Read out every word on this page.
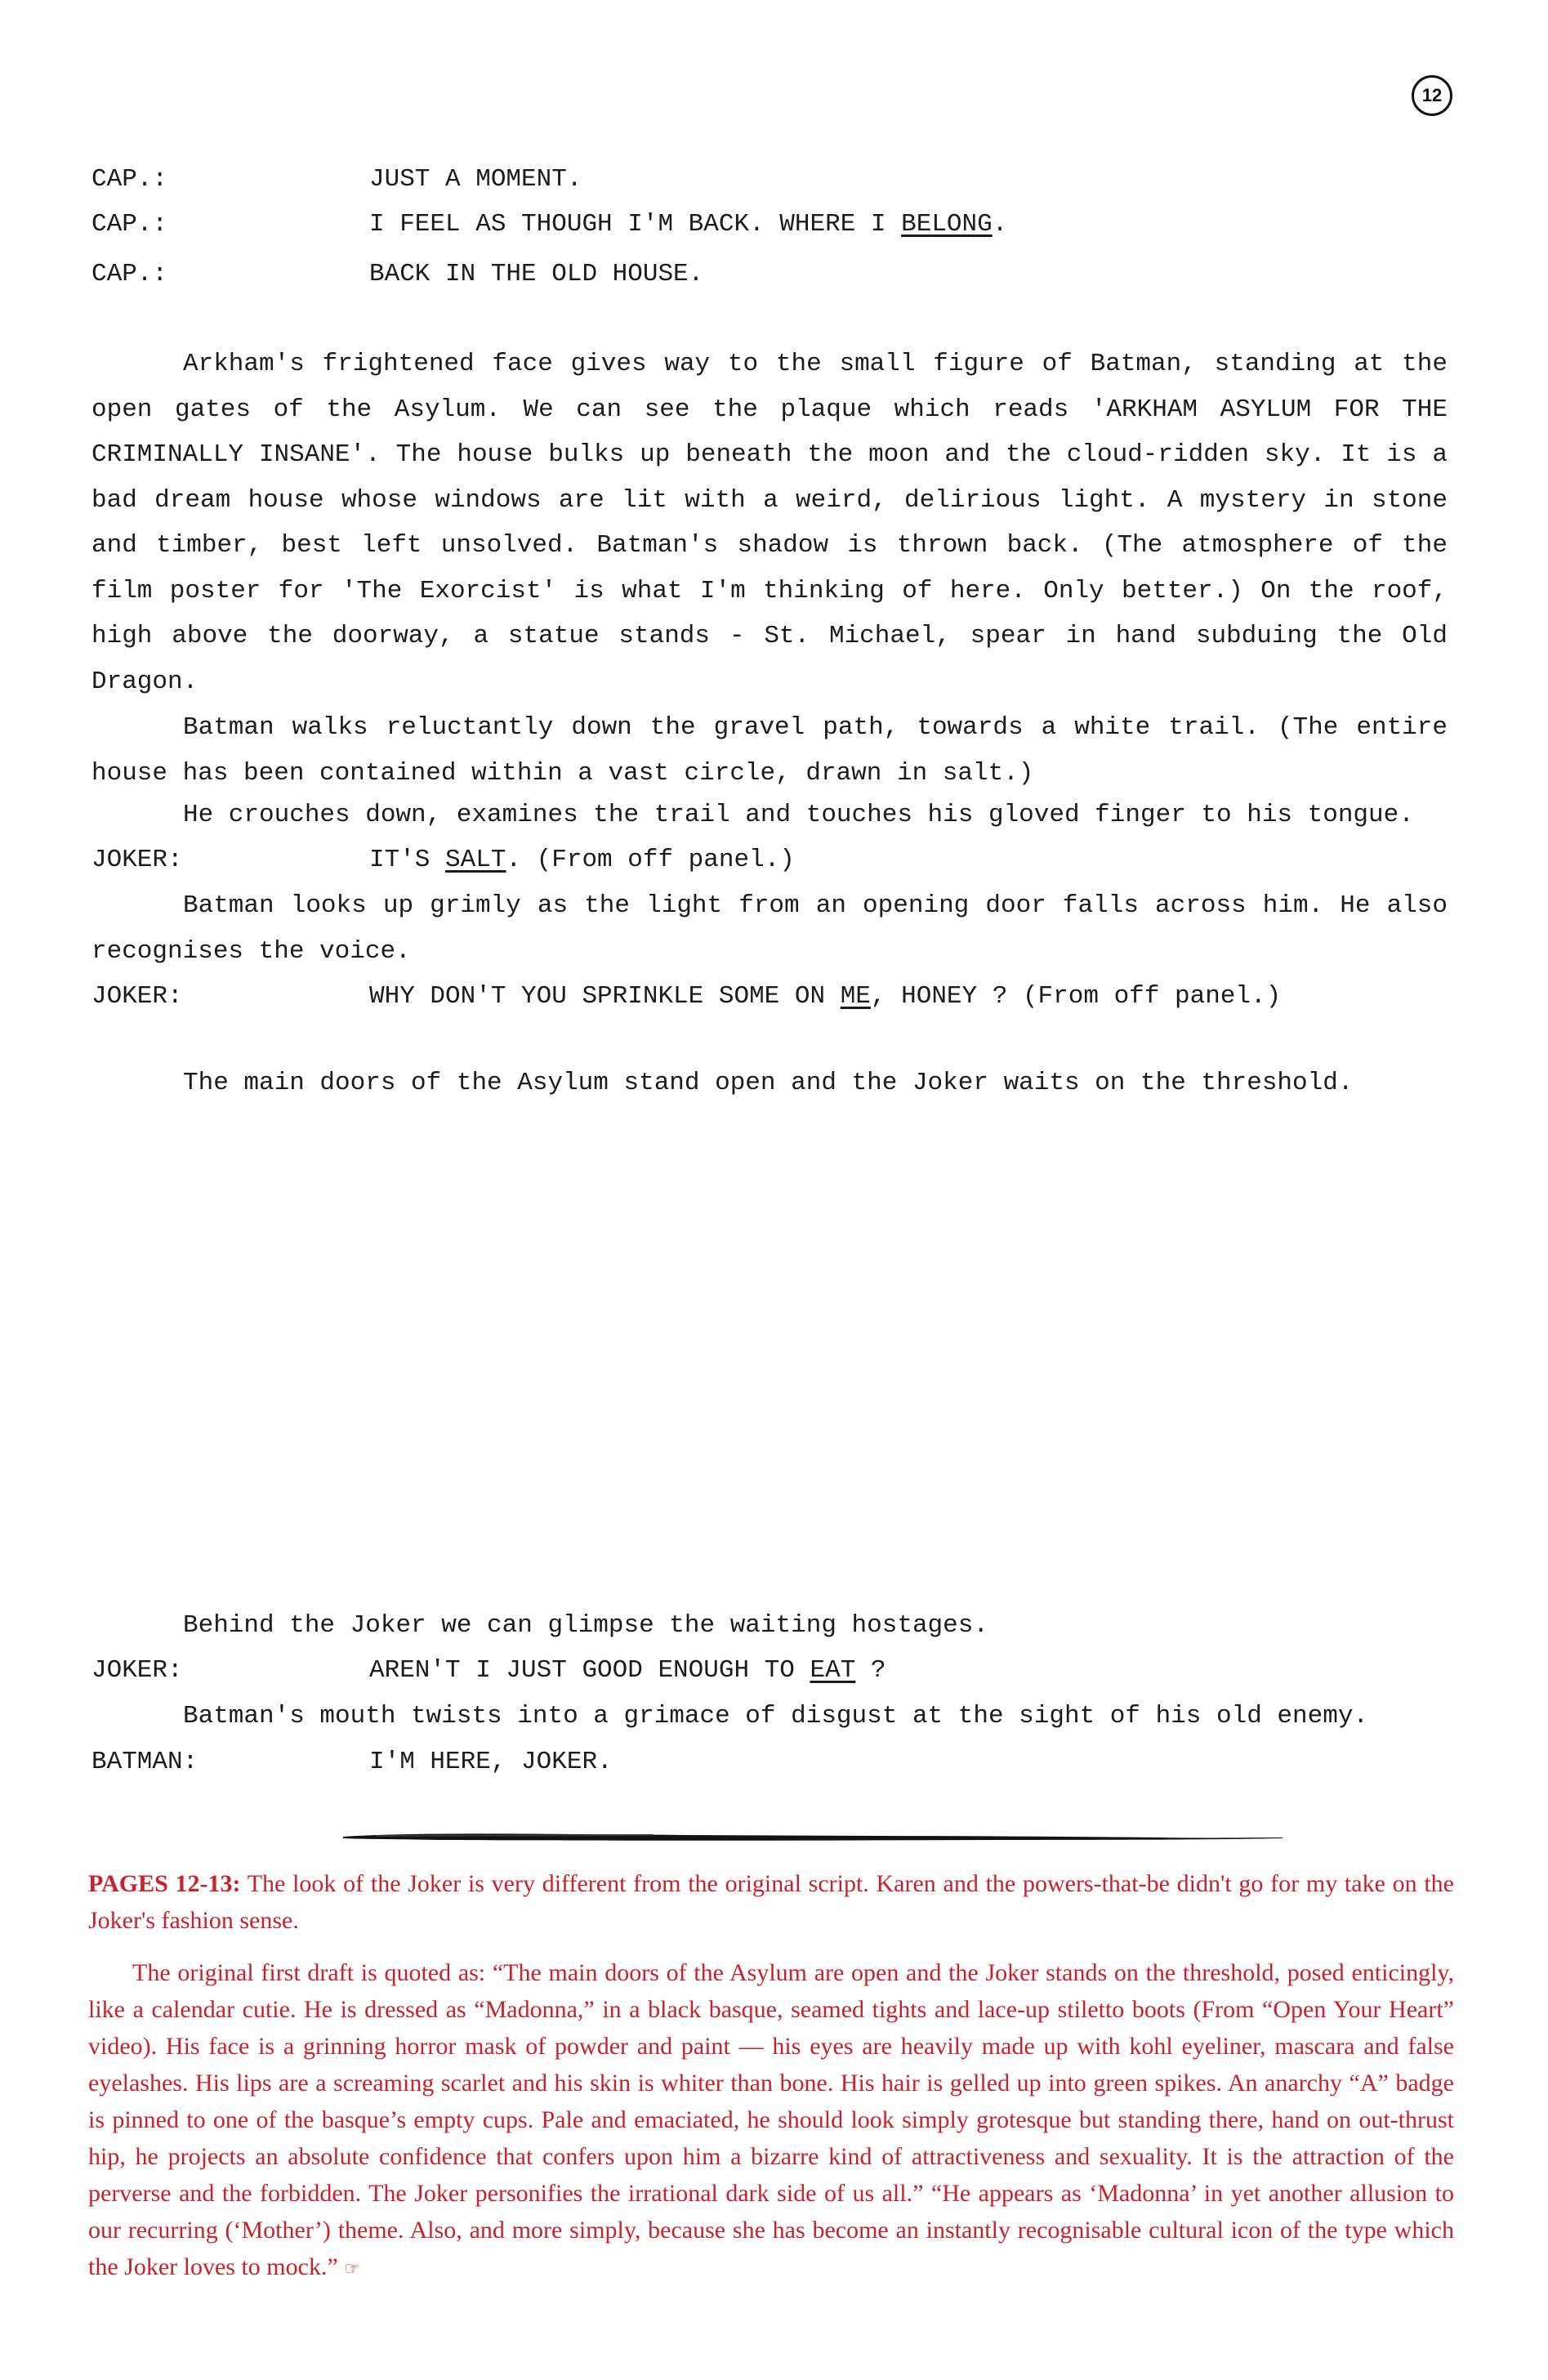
12
CAP.:	JUST A MOMENT.
CAP.:	I FEEL AS THOUGH I'M BACK. WHERE I BELONG.
CAP.:	BACK IN THE OLD HOUSE.
Arkham's frightened face gives way to the small figure of Batman, standing at the open gates of the Asylum. We can see the plaque which reads 'ARKHAM ASYLUM FOR THE CRIMINALLY INSANE'. The house bulks up beneath the moon and the cloud-ridden sky. It is a bad dream house whose windows are lit with a weird, delirious light. A mystery in stone and timber, best left unsolved. Batman's shadow is thrown back. (The atmosphere of the film poster for 'The Exorcist' is what I'm thinking of here. Only better.) On the roof, high above the doorway, a statue stands - St. Michael, spear in hand subduing the Old Dragon.
Batman walks reluctantly down the gravel path, towards a white trail. (The entire house has been contained within a vast circle, drawn in salt.)
He crouches down, examines the trail and touches his gloved finger to his tongue.
JOKER:	IT'S SALT. (From off panel.)
Batman looks up grimly as the light from an opening door falls across him. He also recognises the voice.
JOKER:	WHY DON'T YOU SPRINKLE SOME ON ME, HONEY ? (From off panel.)
The main doors of the Asylum stand open and the Joker waits on the threshold.
Behind the Joker we can glimpse the waiting hostages.
JOKER:	AREN'T I JUST GOOD ENOUGH TO EAT ?
Batman's mouth twists into a grimace of disgust at the sight of his old enemy.
BATMAN:	I'M HERE, JOKER.
PAGES 12-13: The look of the Joker is very different from the original script. Karen and the powers-that-be didn't go for my take on the Joker's fashion sense.
The original first draft is quoted as: “The main doors of the Asylum are open and the Joker stands on the threshold, posed enticingly, like a calendar cutie. He is dressed as “Madonna,” in a black basque, seamed tights and lace-up stiletto boots (From “Open Your Heart” video). His face is a grinning horror mask of powder and paint — his eyes are heavily made up with kohl eyeliner, mascara and false eyelashes. His lips are a screaming scarlet and his skin is whiter than bone. His hair is gelled up into green spikes. An anarchy “A” badge is pinned to one of the basque’s empty cups. Pale and emaciated, he should look simply grotesque but standing there, hand on out-thrust hip, he projects an absolute confidence that confers upon him a bizarre kind of attractiveness and sexuality. It is the attraction of the perverse and the forbidden. The Joker personifies the irrational dark side of us all.” “He appears as ‘Madonna’ in yet another allusion to our recurring (‘Mother’) theme. Also, and more simply, because she has become an instantly recognisable cultural icon of the type which the Joker loves to mock.” ☞
